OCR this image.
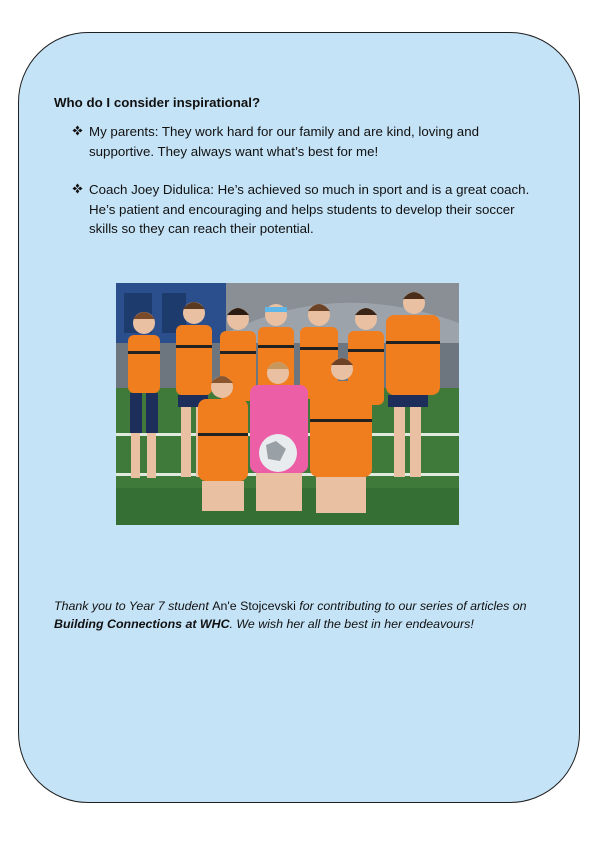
Who do I consider inspirational?
My parents: They work hard for our family and are kind, loving and supportive. They always want what’s best for me!
Coach Joey Didulica: He’s achieved so much in sport and is a great coach. He’s patient and encouraging and helps students to develop their soccer skills so they can reach their potential.
Thank you to Year 7 student An'e Stojcevski for contributing to our series of articles on Building Connections at WHC. We wish her all the best in her endeavours!
